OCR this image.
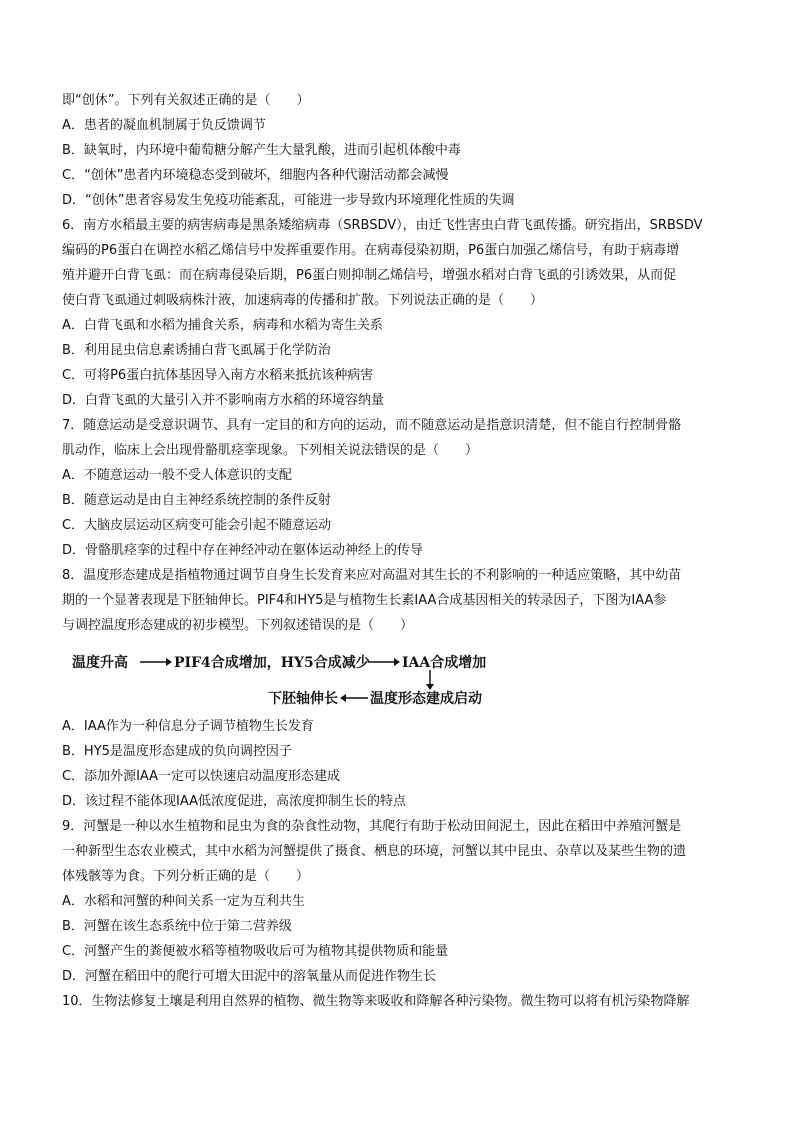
即“创休”。下列有关叙述正确的是（　　）
A．患者的凝血机制属于负反馈调节
B．缺氧时，内环境中葡萄糖分解产生大量乳酸，进而引起机体酸中毒
C．“创休”患者内环境稳态受到破坏，细胞内各种代谢活动都会减慢
D．“创休”患者容易发生免疫功能紊乱，可能进一步导致内环境理化性质的失调
6．南方水稻最主要的病害病毒是黑条矮缩病毒（SRBSDV），由迁飞性害虫白背飞虱传播。研究指出，SRBSDV
编码的P6蛋白在调控水稻乙烯信号中发挥重要作用。在病毒侵染初期，P6蛋白加强乙烯信号，有助于病毒增
殖并避开白背飞虱：而在病毒侵染后期，P6蛋白则抑制乙烯信号，增强水稻对白背飞虱的引诱效果，从而促
使白背飞虱通过刺吸病株汁液，加速病毒的传播和扩散。下列说法正确的是（　　）
A．白背飞虱和水稻为捕食关系，病毒和水稻为寄生关系
B．利用昆虫信息素诱捕白背飞虱属于化学防治
C．可将P6蛋白抗体基因导入南方水稻来抵抗该种病害
D．白背飞虱的大量引入并不影响南方水稻的环境容纳量
7．随意运动是受意识调节、具有一定目的和方向的运动，而不随意运动是指意识清楚，但不能自行控制骨骼
肌动作，临床上会出现骨骼肌痉挛现象。下列相关说法错误的是（　　）
A．不随意运动一般不受人体意识的支配
B．随意运动是由自主神经系统控制的条件反射
C．大脑皮层运动区病变可能会引起不随意运动
D．骨骼肌痉挛的过程中存在神经冲动在躯体运动神经上的传导
8．温度形态建成是指植物通过调节自身生长发育来应对高温对其生长的不利影响的一种适应策略，其中幼苗
期的一个显著表现是下胚轴伸长。PIF4和HY5是与植物生长素IAA合成基因相关的转录因子，下图为IAA参
与调控温度形态建成的初步模型。下列叙述错误的是（　　）
温度升高	PIF4合成增加，HY5合成减少 IAA合成增加
下胚轴伸长 温度形态建成启动
A．IAA作为一种信息分子调节植物生长发育
B．HY5是温度形态建成的负向调控因子
C．添加外源IAA一定可以快速启动温度形态建成
D．该过程不能体现IAA低浓度促进，高浓度抑制生长的特点
9．河蟹是一种以水生植物和昆虫为食的杂食性动物，其爬行有助于松动田间泥土，因此在稻田中养殖河蟹是
一种新型生态农业模式，其中水稻为河蟹提供了摄食、栖息的环境，河蟹以其中昆虫、杂草以及某些生物的遗
体残骸等为食。下列分析正确的是（　　）
A．水稻和河蟹的种间关系一定为互利共生
B．河蟹在该生态系统中位于第二营养级
C．河蟹产生的粪便被水稻等植物吸收后可为植物其提供物质和能量
D．河蟹在稻田中的爬行可增大田泥中的溶氧量从而促进作物生长
10．生物法修复土壤是利用自然界的植物、微生物等来吸收和降解各种污染物。微生物可以将有机污染物降解
